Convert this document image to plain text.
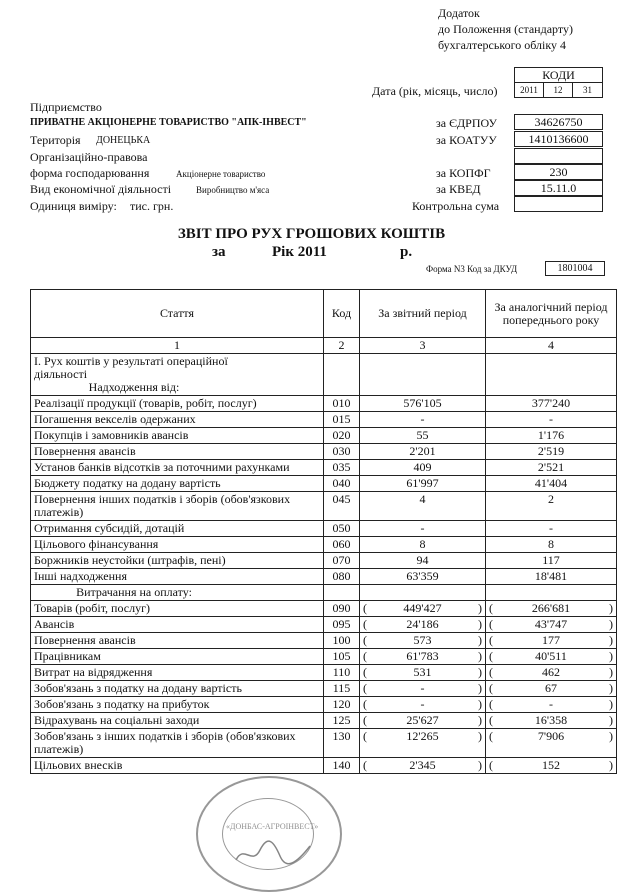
Додаток
до Положення (стандарту)
бухгалтерського обліку 4
КОДИ
Дата (рік, місяць, число)	2011	12	31
Підприємство
ПРИВАТНЕ АКЦІОНЕРНЕ ТОВАРИСТВО "АПК-ІНВЕСТ"	за ЄДРПОУ	34626750
Територія ДОНЕЦЬКА	за КОАТУУ	1410136600
Організаційно-правова
форма господарювання	Акціонерне товариство	за КОПФГ	230
Вид економічної діяльності	Виробництво м'яса	за КВЕД	15.11.0
Одиниця виміру: тис. грн.	Контрольна сума
ЗВІТ ПРО РУХ ГРОШОВИХ КОШТІВ
за	Рік 2011	р.
Форма N3 Код за ДКУД	1801004
Стаття	Код	За звітний період	За аналогічний період попереднього року
1	2	3	4

І. Рух коштів у результаті операційної діяльності
Надходження від:			

Реалізації продукції (товарів, робіт, послуг)	010	576'105	377'240
Погашення векселів одержаних	015	-	-
Покупців і замовників авансів	020	55	1'176
Повернення авансів	030	2'201	2'519
Установ банків відсотків за поточними рахунками	035	409	2'521
Бюджету податку на додану вартість	040	61'997	41'404
Повернення інших податків і зборів (обов'язкових платежів)	045	4	2
Отримання субсидій, дотацій	050	-	-
Цільового фінансування	060	8	8
Боржників неустойки (штрафів, пені)	070	94	117
Інші надходження	080	63'359	18'481

Витрачання на оплату:			

Товарів (робіт, послуг)	090	( 449'427 )	( 266'681 )

Авансів	095	( 24'186 )	( 43'747 )

Повернення авансів	100	( 573 )	( 177 )

Працівникам	105	( 61'783 )	( 40'511 )

Витрат на відрядження	110	( 531 )	( 462 )

Зобов'язань з податку на додану вартість	115	( - )	( 67 )

Зобов'язань з податку на прибуток	120	( - )	( - )

Відрахувань на соціальні заходи	125	( 25'627 )	( 16'358 )

Зобов'язань з інших податків і зборів (обов'язкових платежів)	130	( 12'265 )	( 7'906 )

Цільових внесків	140	( 2'345 )	( 152 )
«ДОНБАС-АГРОІНВЕСТ»
